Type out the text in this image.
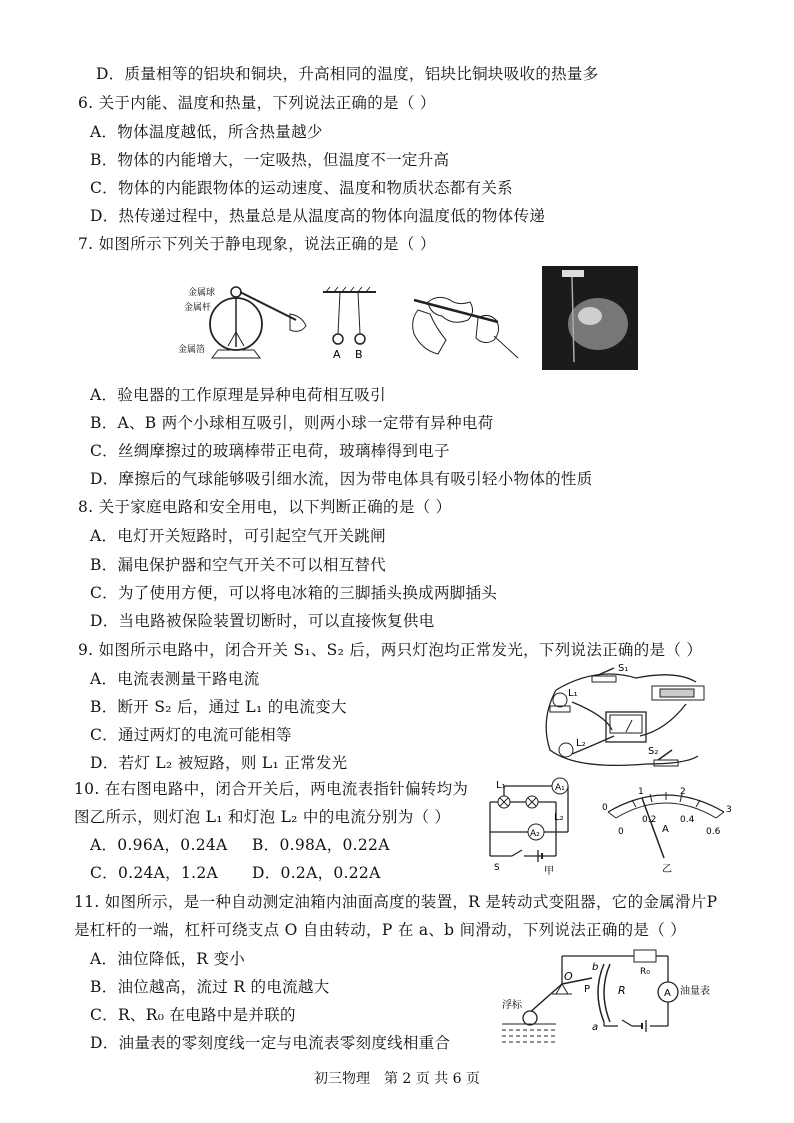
D．质量相等的铝块和铜块，升高相同的温度，铝块比铜块吸收的热量多
6. 关于内能、温度和热量，下列说法正确的是（ ）
A．物体温度越低，所含热量越少
B．物体的内能增大，一定吸热，但温度不一定升高
C．物体的内能跟物体的运动速度、温度和物质状态都有关系
D．热传递过程中，热量总是从温度高的物体向温度低的物体传递
7. 如图所示下列关于静电现象，说法正确的是（ ）
金属球
金属杆
金属箔	A B
A．验电器的工作原理是异种电荷相互吸引
B．A、B 两个小球相互吸引，则两小球一定带有异种电荷
C．丝绸摩擦过的玻璃棒带正电荷，玻璃棒得到电子
D．摩擦后的气球能够吸引细水流，因为带电体具有吸引轻小物体的性质
8. 关于家庭电路和安全用电，以下判断正确的是（ ）
A．电灯开关短路时，可引起空气开关跳闸
B．漏电保护器和空气开关不可以相互替代
C．为了使用方便，可以将电冰箱的三脚插头换成两脚插头
D．当电路被保险装置切断时，可以直接恢复供电
9. 如图所示电路中，闭合开关 S₁、S₂ 后，两只灯泡均正常发光，下列说法正确的是（ ）
A．电流表测量干路电流
B．断开 S₂ 后，通过 L₁ 的电流变大
C．通过两灯的电流可能相等
D．若灯 L₂ 被短路，则 L₁ 正常发光
S₁
L₁
L₂
S₂
10. 在右图电路中，闭合开关后，两电流表指针偏转均为
图乙所示，则灯泡 L₁ 和灯泡 L₂ 中的电流分别为（ ）
A．0.96A，0.24A B．0.98A，0.22A
C．0.24A，1.2A D．0.2A，0.22A
A₁
A₂
L₁
L₂
S	甲
0
1	2
3
0
0.2	0.4
0.6
A
乙
11. 如图所示，是一种自动测定油箱内油面高度的装置，R 是转动式变阻器，它的金属滑片P
是杠杆的一端，杠杆可绕支点 O 自由转动，P 在 a、b 间滑动，下列说法正确的是（ ）
A．油位降低，R 变小
B．油位越高，流过 R 的电流越大
C．R、R₀ 在电路中是并联的
D．油量表的零刻度线一定与电流表零刻度线相重合
O
b
a
P	R
R₀
A 油量表
浮标
初三物理　第 2 页 共 6 页
